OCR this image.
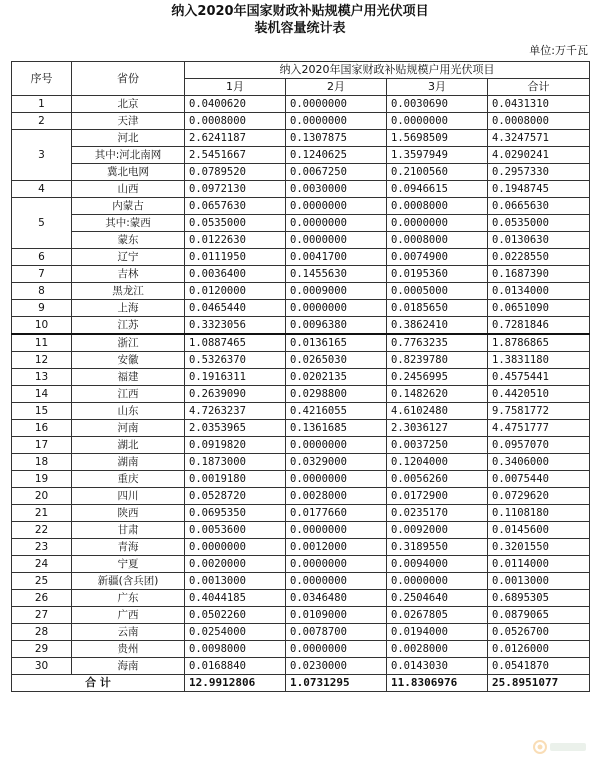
纳入2020年国家财政补贴规模户用光伏项目
装机容量统计表
单位:万千瓦
序号	省份	纳入2020年国家财政补贴规模户用光伏项目			
		1月	2月	3月	合计
1	北京	0.0400620	0.0000000	0.0030690	0.0431310
2	天津	0.0008000	0.0000000	0.0000000	0.0008000
3	河北	2.6241187	0.1307875	1.5698509	4.3247571
	其中:河北南网	2.5451667	0.1240625	1.3597949	4.0290241
	冀北电网	0.0789520	0.0067250	0.2100560	0.2957330
4	山西	0.0972130	0.0030000	0.0946615	0.1948745
5	内蒙古	0.0657630	0.0000000	0.0008000	0.0665630
	其中:蒙西	0.0535000	0.0000000	0.0000000	0.0535000
	蒙东	0.0122630	0.0000000	0.0008000	0.0130630
6	辽宁	0.0111950	0.0041700	0.0074900	0.0228550
7	吉林	0.0036400	0.1455630	0.0195360	0.1687390
8	黑龙江	0.0120000	0.0009000	0.0005000	0.0134000
9	上海	0.0465440	0.0000000	0.0185650	0.0651090
10	江苏	0.3323056	0.0096380	0.3862410	0.7281846
11	浙江	1.0887465	0.0136165	0.7763235	1.8786865
12	安徽	0.5326370	0.0265030	0.8239780	1.3831180
13	福建	0.1916311	0.0202135	0.2456995	0.4575441
14	江西	0.2639090	0.0298800	0.1482620	0.4420510
15	山东	4.7263237	0.4216055	4.6102480	9.7581772
16	河南	2.0353965	0.1361685	2.3036127	4.4751777
17	湖北	0.0919820	0.0000000	0.0037250	0.0957070
18	湖南	0.1873000	0.0329000	0.1204000	0.3406000
19	重庆	0.0019180	0.0000000	0.0056260	0.0075440
20	四川	0.0528720	0.0028000	0.0172900	0.0729620
21	陕西	0.0695350	0.0177660	0.0235170	0.1108180
22	甘肃	0.0053600	0.0000000	0.0092000	0.0145600
23	青海	0.0000000	0.0012000	0.3189550	0.3201550
24	宁夏	0.0020000	0.0000000	0.0094000	0.0114000
25	新疆(含兵团)	0.0013000	0.0000000	0.0000000	0.0013000
26	广东	0.4044185	0.0346480	0.2504640	0.6895305
27	广西	0.0502260	0.0109000	0.0267805	0.0879065
28	云南	0.0254000	0.0078700	0.0194000	0.0526700
29	贵州	0.0098000	0.0000000	0.0028000	0.0126000
30	海南	0.0168840	0.0230000	0.0143030	0.0541870
合 计		12.9912806	1.0731295	11.8306976	25.8951077
